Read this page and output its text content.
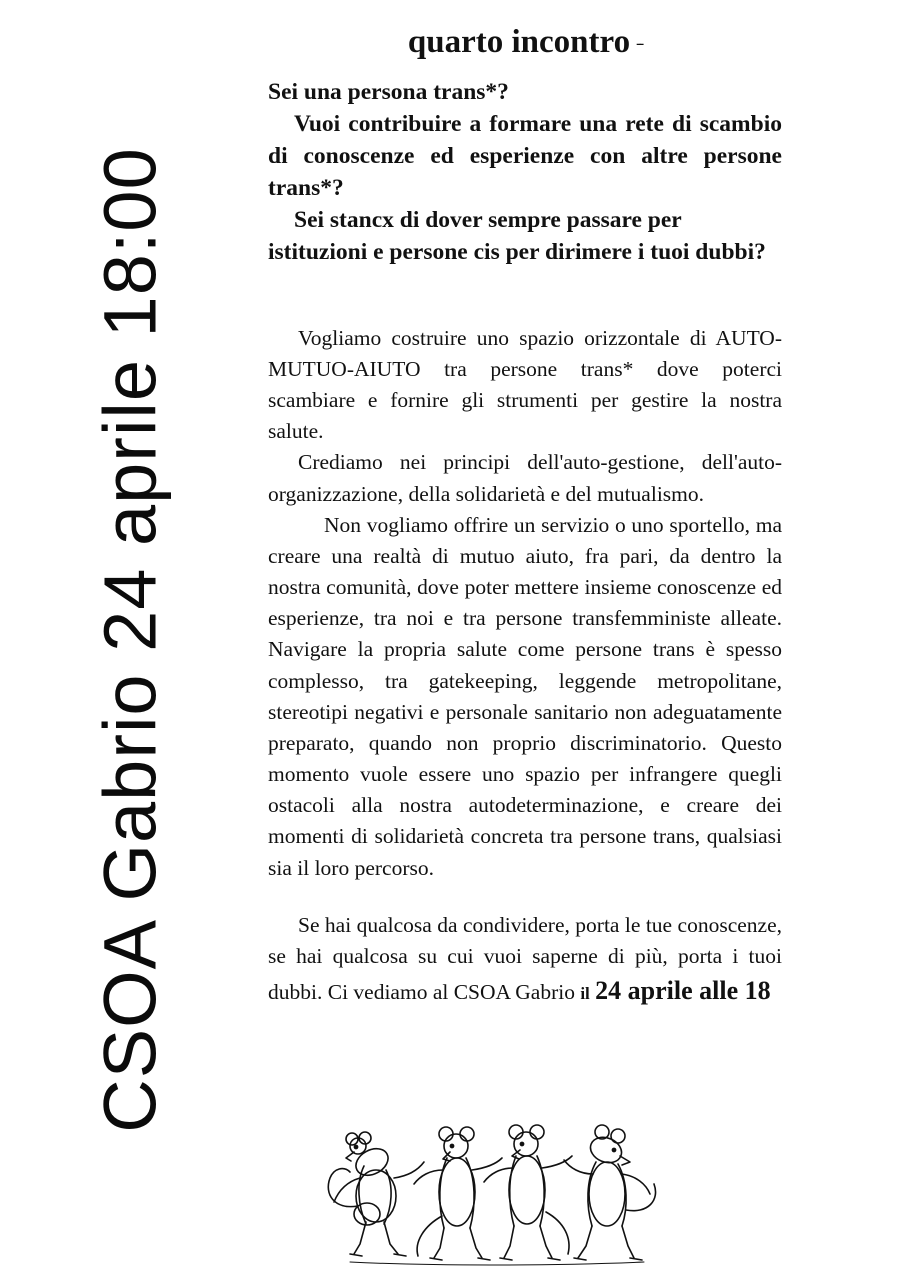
CSOA Gabrio 24 aprile 18:00
quarto incontro --

Sei una persona trans*?

Vuoi contribuire a formare una rete di scambio di conoscenze ed esperienze con altre persone trans*?

Sei stancx di dover sempre passare per istituzioni e persone cis per dirimere i tuoi dubbi?

Vogliamo costruire uno spazio orizzontale di AUTO-MUTUO-AIUTO tra persone trans* dove poterci scambiare e fornire gli strumenti per gestire la nostra salute.

Crediamo nei principi dell'auto-gestione, dell'auto-organizzazione, della solidarietà e del mutualismo.

Non vogliamo offrire un servizio o uno sportello, ma creare una realtà di mutuo aiuto, fra pari, da dentro la nostra comunità, dove poter mettere insieme conoscenze ed esperienze, tra noi e tra persone transfemministe alleate. Navigare la propria salute come persone trans è spesso complesso, tra gatekeeping, leggende metropolitane, stereotipi negativi e personale sanitario non adeguatamente preparato, quando non proprio discriminatorio. Questo momento vuole essere uno spazio per infrangere quegli ostacoli alla nostra autodeterminazione, e creare dei momenti di solidarietà concreta tra persone trans, qualsiasi sia il loro percorso.

Se hai qualcosa da condividere, porta le tue conoscenze, se hai qualcosa su cui vuoi saperne di più, porta i tuoi dubbi. Ci vediamo al CSOA Gabrio il 24 aprile alle 18
